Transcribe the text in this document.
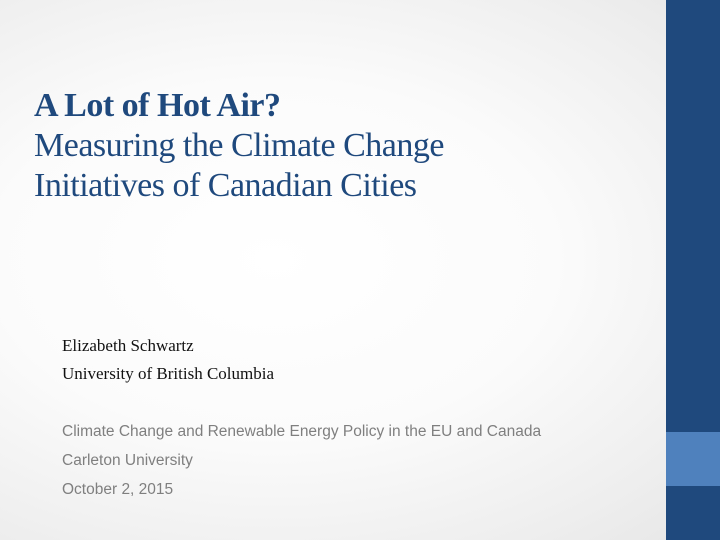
A Lot of Hot Air?
Measuring the Climate Change
Initiatives of Canadian Cities
Elizabeth Schwartz
University of British Columbia
Climate Change and Renewable Energy Policy in the EU and Canada
Carleton University
October 2, 2015
